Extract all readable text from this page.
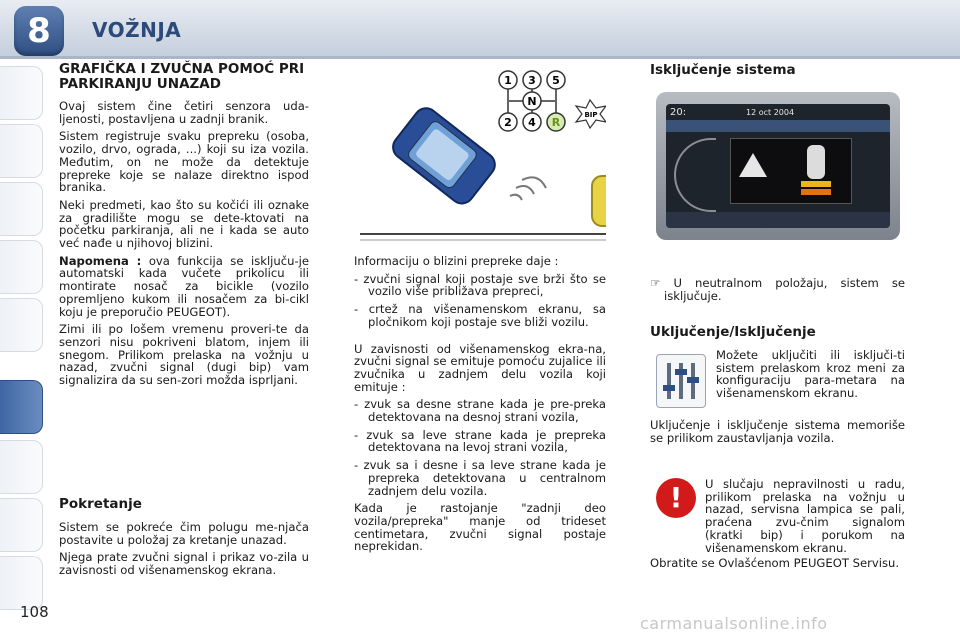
8	VOŽNJA
GRAFIČKA I ZVUČNA POMOĆ PRI PARKIRANJU UNAZAD

Ovaj sistem čine četiri senzora uda-ljenosti, postavljena u zadnji branik.

Sistem registruje svaku prepreku (osoba, vozilo, drvo, ograda, ...) koji su iza vozila. Međutim, on ne može da detektuje prepreke koje se nalaze direktno ispod branika.

Neki predmeti, kao što su kočići ili oznake za gradilište mogu se dete-ktovati na početku parkiranja, ali ne i kada se auto već nađe u njihovoj blizini.

Napomena : ova funkcija se isključu-je automatski kada vučete prikolicu ili montirate nosač za bicikle (vozilo opremljeno kukom ili nosačem za bi-cikl koju je preporučio PEUGEOT).

Zimi ili po lošem vremenu proveri-te da senzori nisu pokriveni blatom, injem ili snegom. Prilikom prelaska na vožnju u nazad, zvučni signal (dugi bip) vam signalizira da su sen-zori možda isprljani.

Pokretanje

Sistem se pokreće čim polugu me-njača postavite u položaj za kretanje unazad.

Njega prate zvučni signal i prikaz vo-zila u zavisnosti od višenamenskog ekrana.

1 3 5
N
2 4 R
BIP

Informaciju o blizini prepreke daje :

- zvučni signal koji postaje sve brži što se vozilo više približava prepreci,

- crtež na višenamenskom ekranu, sa pločnikom koji postaje sve bliži vozilu.

U zavisnosti od višenamenskog ekra-na, zvučni signal se emituje pomoću zujalice ili zvučnika u zadnjem delu vozila koji emituje :

- zvuk sa desne strane kada je pre-preka detektovana na desnoj strani vozila,

- zvuk sa leve strane kada je prepreka detektovana na levoj strani vozila,

- zvuk sa i desne i sa leve strane kada je prepreka detektovana u centralnom zadnjem delu vozila.

Kada je rastojanje "zadnji deo vozila/prepreka" manje od trideset centimetara, zvučni signal postaje neprekidan.

Isključenje sistema
20:	12 oct 2004

☞ U neutralnom položaju, sistem se isključuje.

Uključenje/Isključenje

Možete uključiti ili isključi-ti sistem prelaskom kroz meni za konfiguraciju para-metara na višenamenskom ekranu.

Uključenje i isključenje sistema memoriše se prilikom zaustavljanja vozila.

!	U slučaju nepravilnosti u radu, prilikom prelaska na vožnju u nazad, servisna lampica se pali, praćena zvu-čnim signalom (kratki bip) i porukom na višenamenskom ekranu.

Obratite se Ovlašćenom PEUGEOT Servisu.

108
carmanualsonline.info
